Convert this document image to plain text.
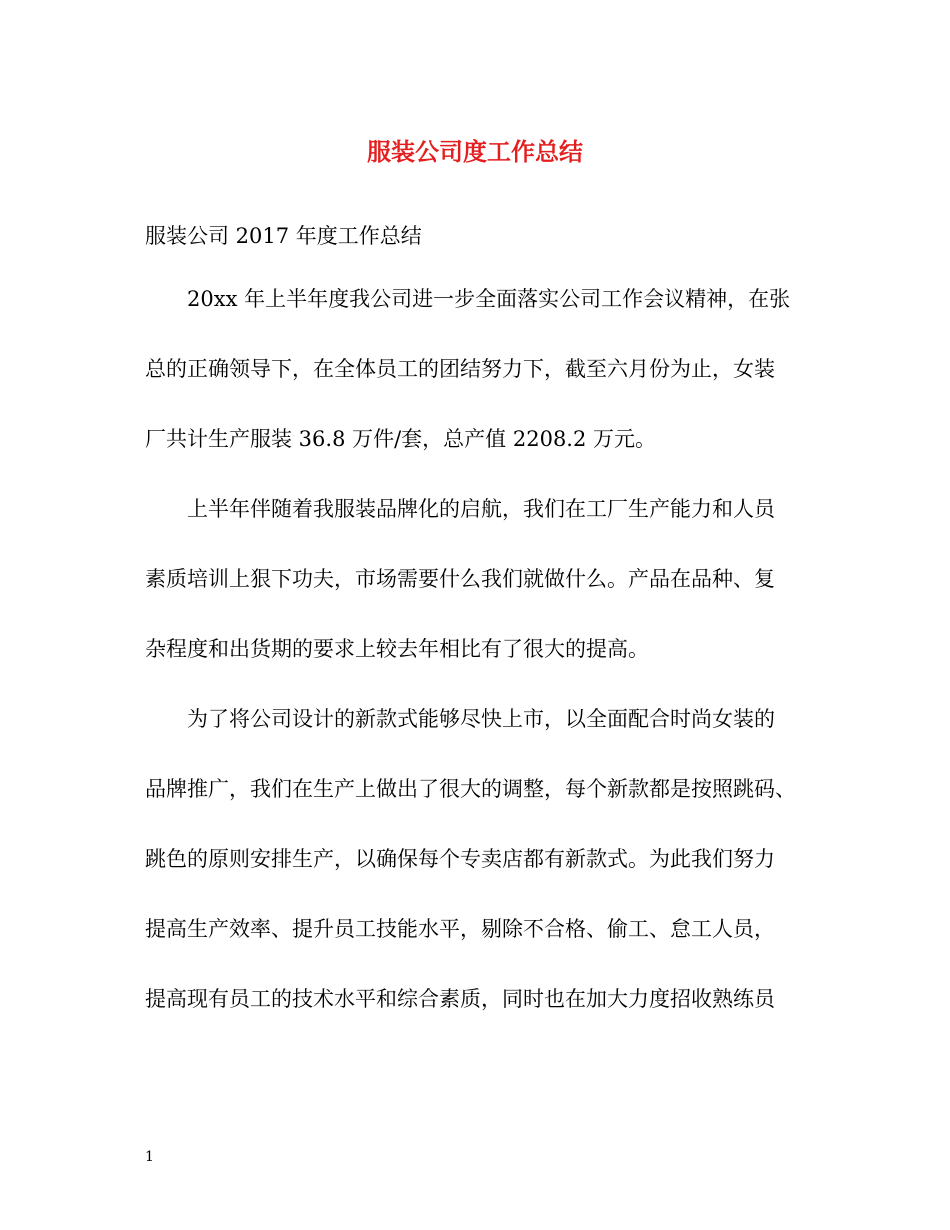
服装公司度工作总结
服装公司 2017 年度工作总结
20xx 年上半年度我公司进一步全面落实公司工作会议精神，在张
总的正确领导下，在全体员工的团结努力下，截至六月份为止，女装
厂共计生产服装 36.8 万件/套，总产值 2208.2 万元。
上半年伴随着我服装品牌化的启航，我们在工厂生产能力和人员
素质培训上狠下功夫，市场需要什么我们就做什么。产品在品种、复
杂程度和出货期的要求上较去年相比有了很大的提高。
为了将公司设计的新款式能够尽快上市，以全面配合时尚女装的
品牌推广，我们在生产上做出了很大的调整，每个新款都是按照跳码、
跳色的原则安排生产，以确保每个专卖店都有新款式。为此我们努力
提高生产效率、提升员工技能水平，剔除不合格、偷工、怠工人员，
提高现有员工的技术水平和综合素质，同时也在加大力度招收熟练员
1
